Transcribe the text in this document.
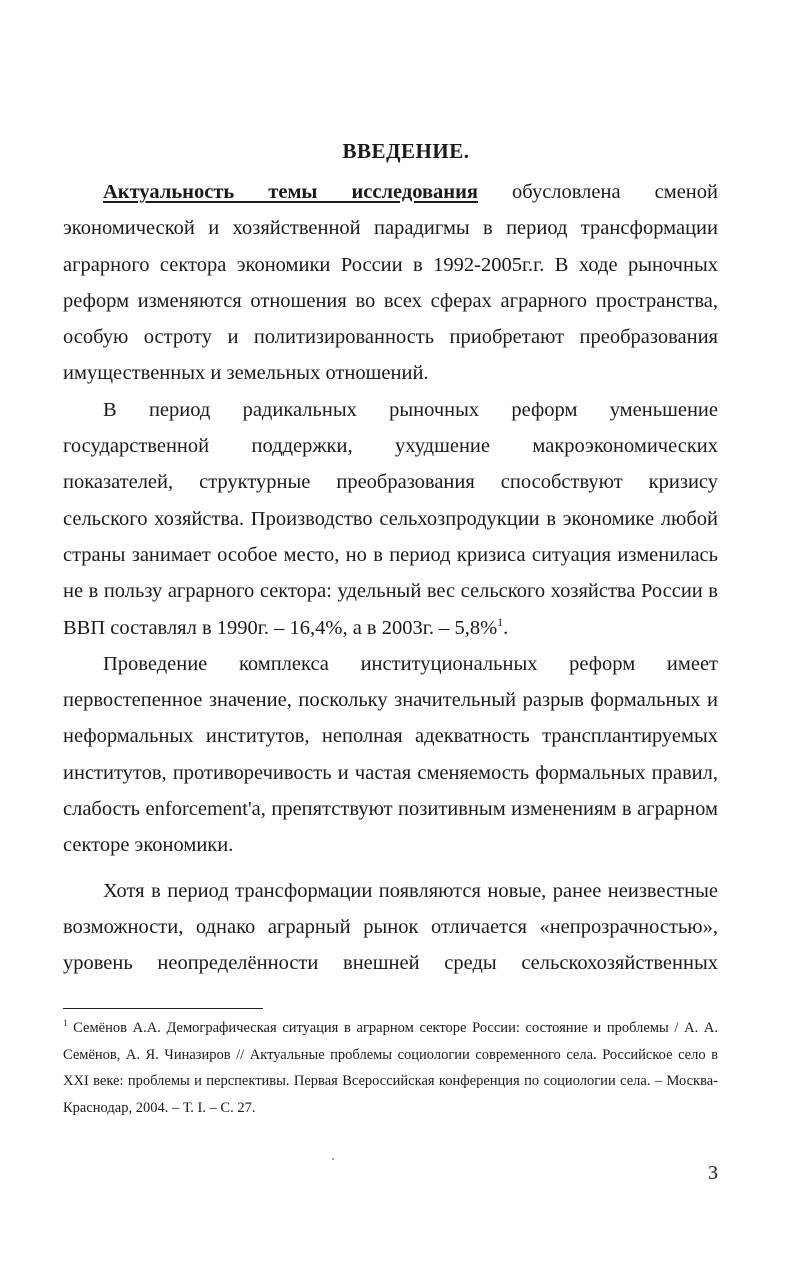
ВВЕДЕНИЕ.

Актуальность темы исследования обусловлена сменой экономической и хозяйственной парадигмы в период трансформации аграрного сектора экономики России в 1992-2005г.г. В ходе рыночных реформ изменяются отношения во всех сферах аграрного пространства, особую остроту и политизированность приобретают преобразования имущественных и земельных отношений.

В период радикальных рыночных реформ уменьшение государственной поддержки, ухудшение макроэкономических показателей, структурные преобразования способствуют кризису сельского хозяйства. Производство сельхозпродукции в экономике любой страны занимает особое место, но в период кризиса ситуация изменилась не в пользу аграрного сектора: удельный вес сельского хозяйства России в ВВП составлял в 1990г. – 16,4%, а в 2003г. – 5,8%$^1$.

Проведение комплекса институциональных реформ имеет первостепенное значение, поскольку значительный разрыв формальных и неформальных институтов, неполная адекватность трансплантируемых институтов, противоречивость и частая сменяемость формальных правил, слабость enforcement'а, препятствуют позитивным изменениям в аграрном секторе экономики.

Хотя в период трансформации появляются новые, ранее неизвестные возможности, однако аграрный рынок отличается «непрозрачностью», уровень неопределённости внешней среды сельскохозяйственных

$^1$ Семёнов А.А. Демографическая ситуация в аграрном секторе России: состояние и проблемы / А. А. Семёнов, А. Я. Чиназиров // Актуальные проблемы социологии современного села. Российское село в XXI веке: проблемы и перспективы. Первая Всероссийская конференция по социологии села. – Москва-Краснодар, 2004. – Т. I. – С. 27.

3
